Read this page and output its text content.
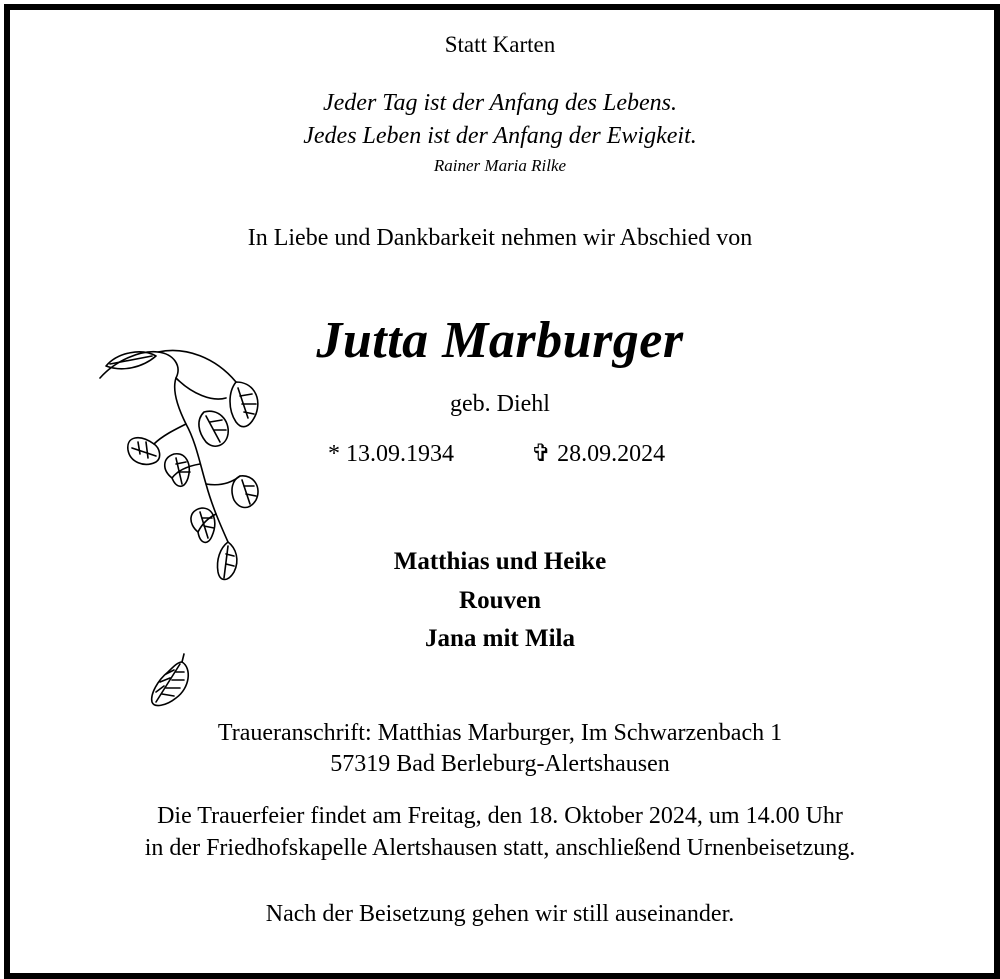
Statt Karten
Jeder Tag ist der Anfang des Lebens.
Jedes Leben ist der Anfang der Ewigkeit.
Rainer Maria Rilke
In Liebe und Dankbarkeit nehmen wir Abschied von
Jutta Marburger
geb. Diehl
* 13.09.1934	✞ 28.09.2024
Matthias und Heike
Rouven
Jana mit Mila
Traueranschrift: Matthias Marburger, Im Schwarzenbach 1
57319 Bad Berleburg-Alertshausen
Die Trauerfeier findet am Freitag, den 18. Oktober 2024, um 14.00 Uhr
in der Friedhofskapelle Alertshausen statt, anschließend Urnenbeisetzung.
Nach der Beisetzung gehen wir still auseinander.
